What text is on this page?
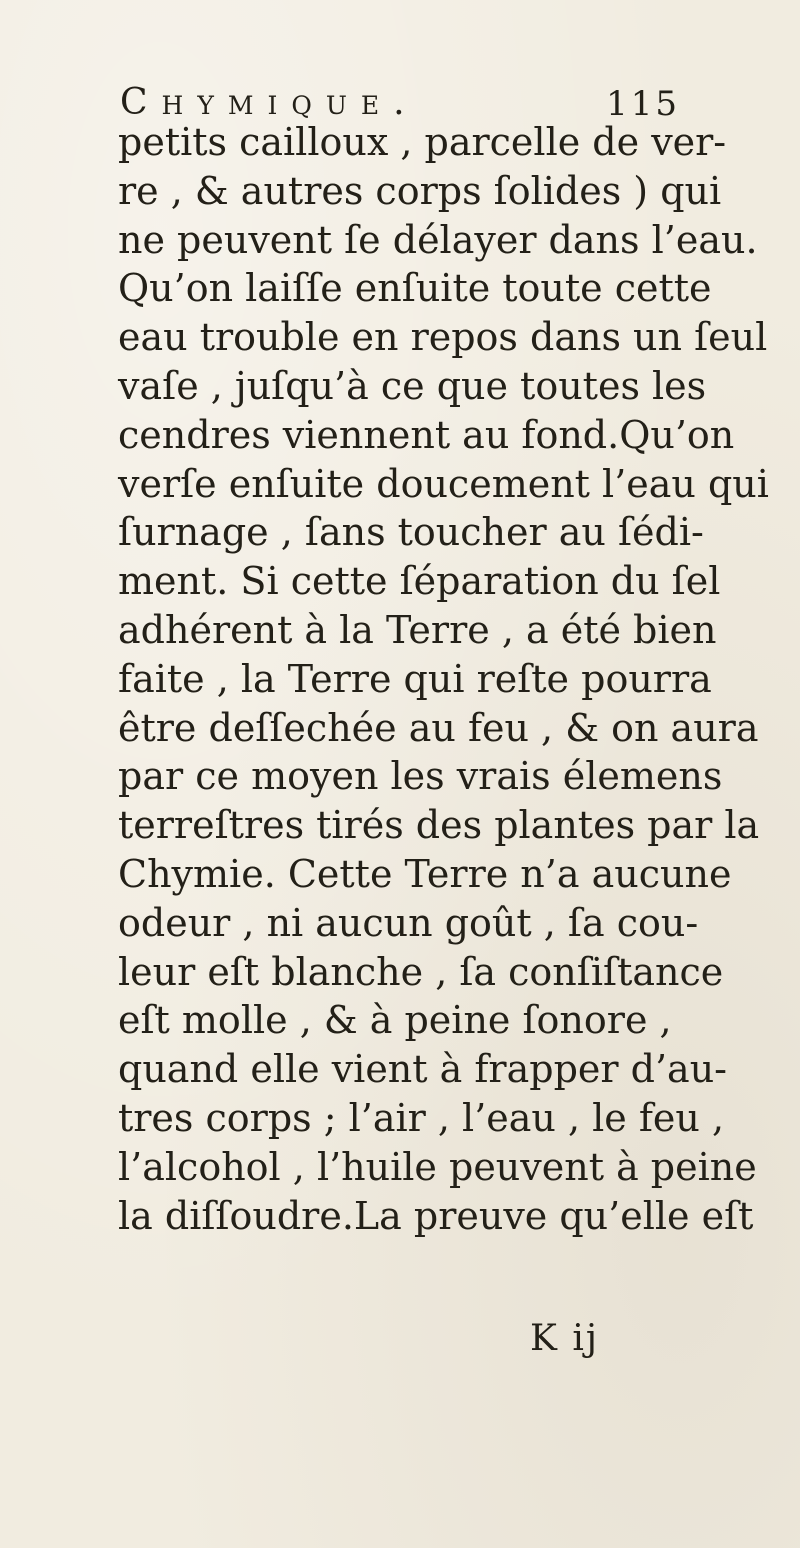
Chymique.	115
petits cailloux , parcelle de ver-
re , & autres corps ſolides ) qui
ne peuvent ſe délayer dans l’eau.
Qu’on laiſſe enſuite toute cette
eau trouble en repos dans un ſeul
vaſe , juſqu’à ce que toutes les
cendres viennent au fond.Qu’on
verſe enſuite doucement l’eau qui
ſurnage , ſans toucher au ſédi-
ment. Si cette ſéparation du ſel
adhérent à la Terre , a été bien
faite , la Terre qui reſte pourra
être deſſechée au feu , & on aura
par ce moyen les vrais élemens
terreſtres tirés des plantes par la
Chymie. Cette Terre n’a aucune
odeur , ni aucun goût , ſa cou-
leur eſt blanche , ſa conſiſtance
eſt molle , & à peine ſonore ,
quand elle vient à frapper d’au-
tres corps ; l’air , l’eau , le feu ,
l’alcohol , l’huile peuvent à peine
la diſſoudre.La preuve qu’elle eſt
K ij
